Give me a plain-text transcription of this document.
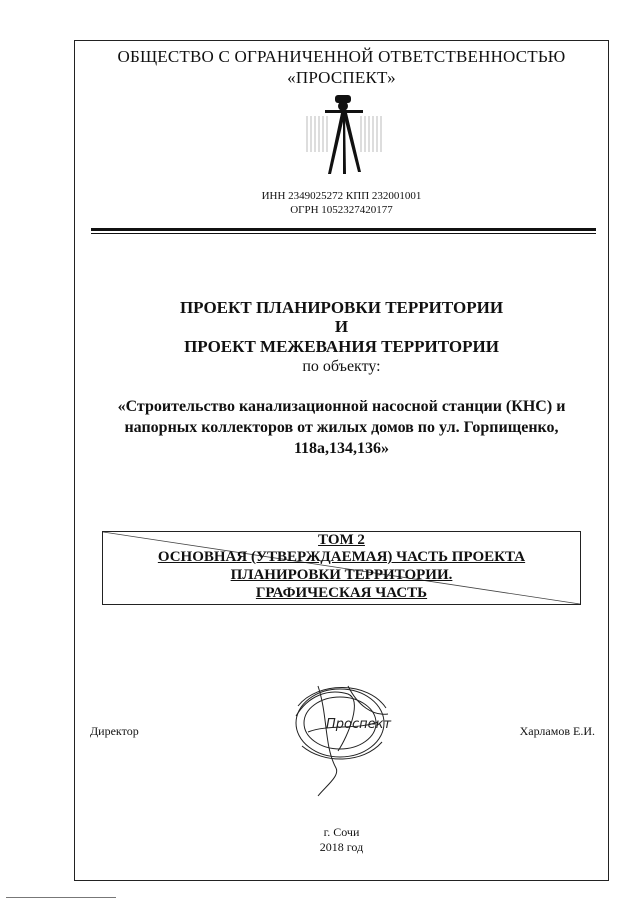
ОБЩЕСТВО С ОГРАНИЧЕННОЙ ОТВЕТСТВЕННОСТЬЮ
«ПРОСПЕКТ»
ИНН 2349025272 КПП 232001001
ОГРН 1052327420177
ПРОЕКТ ПЛАНИРОВКИ ТЕРРИТОРИИ
И
ПРОЕКТ МЕЖЕВАНИЯ ТЕРРИТОРИИ
по объекту:
«Строительство канализационной насосной станции (КНС) и
напорных коллекторов от жилых домов по ул. Горпищенко,
118а,134,136»
ТОМ 2
ОСНОВНАЯ (УТВЕРЖДАЕМАЯ) ЧАСТЬ ПРОЕКТА
ПЛАНИРОВКИ ТЕРРИТОРИИ.
ГРАФИЧЕСКАЯ ЧАСТЬ
Директор	Проспект	Харламов Е.И.
г. Сочи
2018 год
